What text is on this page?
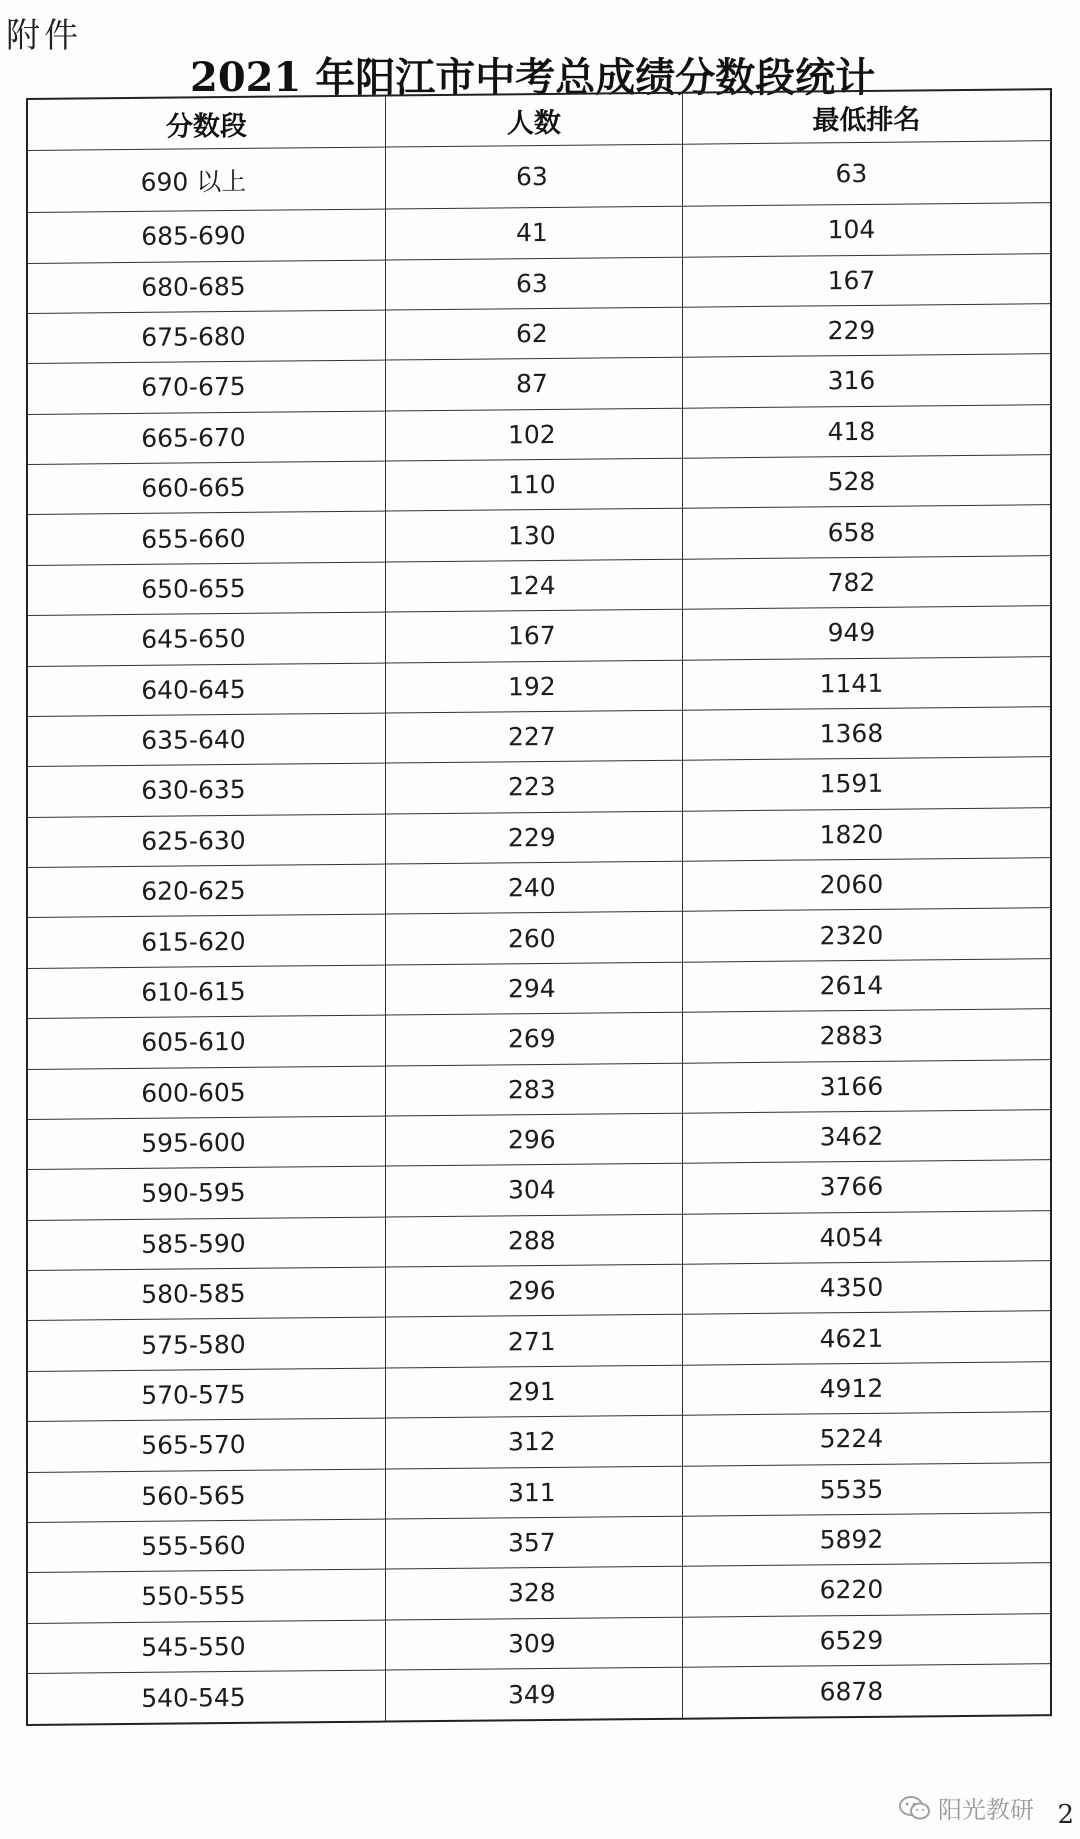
附件
2021 年阳江市中考总成绩分数段统计
分数段	人数	最低排名
690 以上	63	63
685-690	41	104
680-685	63	167
675-680	62	229
670-675	87	316
665-670	102	418
660-665	110	528
655-660	130	658
650-655	124	782
645-650	167	949
640-645	192	1141
635-640	227	1368
630-635	223	1591
625-630	229	1820
620-625	240	2060
615-620	260	2320
610-615	294	2614
605-610	269	2883
600-605	283	3166
595-600	296	3462
590-595	304	3766
585-590	288	4054
580-585	296	4350
575-580	271	4621
570-575	291	4912
565-570	312	5224
560-565	311	5535
555-560	357	5892
550-555	328	6220
545-550	309	6529
540-545	349	6878
阳光教研 2
